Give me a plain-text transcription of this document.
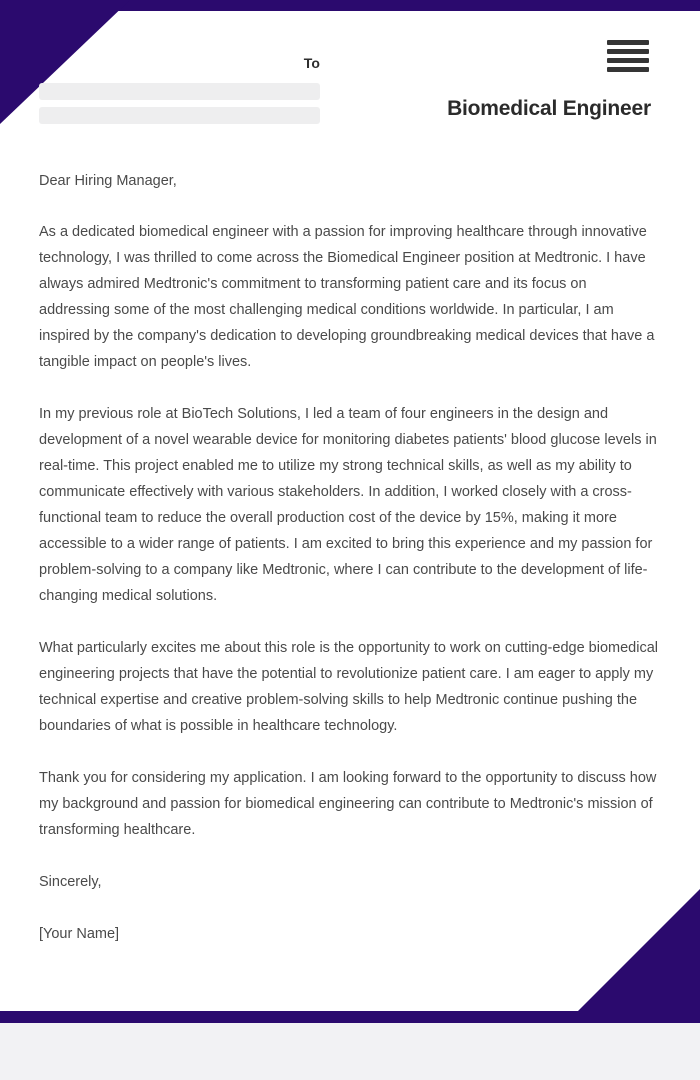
To
Biomedical Engineer

Dear Hiring Manager,

As a dedicated biomedical engineer with a passion for improving healthcare through innovative technology, I was thrilled to come across the Biomedical Engineer position at Medtronic. I have always admired Medtronic's commitment to transforming patient care and its focus on addressing some of the most challenging medical conditions worldwide. In particular, I am inspired by the company's dedication to developing groundbreaking medical devices that have a tangible impact on people's lives.

In my previous role at BioTech Solutions, I led a team of four engineers in the design and development of a novel wearable device for monitoring diabetes patients' blood glucose levels in real-time. This project enabled me to utilize my strong technical skills, as well as my ability to communicate effectively with various stakeholders. In addition, I worked closely with a cross-functional team to reduce the overall production cost of the device by 15%, making it more accessible to a wider range of patients. I am excited to bring this experience and my passion for problem-solving to a company like Medtronic, where I can contribute to the development of life-changing medical solutions.

What particularly excites me about this role is the opportunity to work on cutting-edge biomedical engineering projects that have the potential to revolutionize patient care. I am eager to apply my technical expertise and creative problem-solving skills to help Medtronic continue pushing the boundaries of what is possible in healthcare technology.

Thank you for considering my application. I am looking forward to the opportunity to discuss how my background and passion for biomedical engineering can contribute to Medtronic's mission of transforming healthcare.

Sincerely,

[Your Name]
